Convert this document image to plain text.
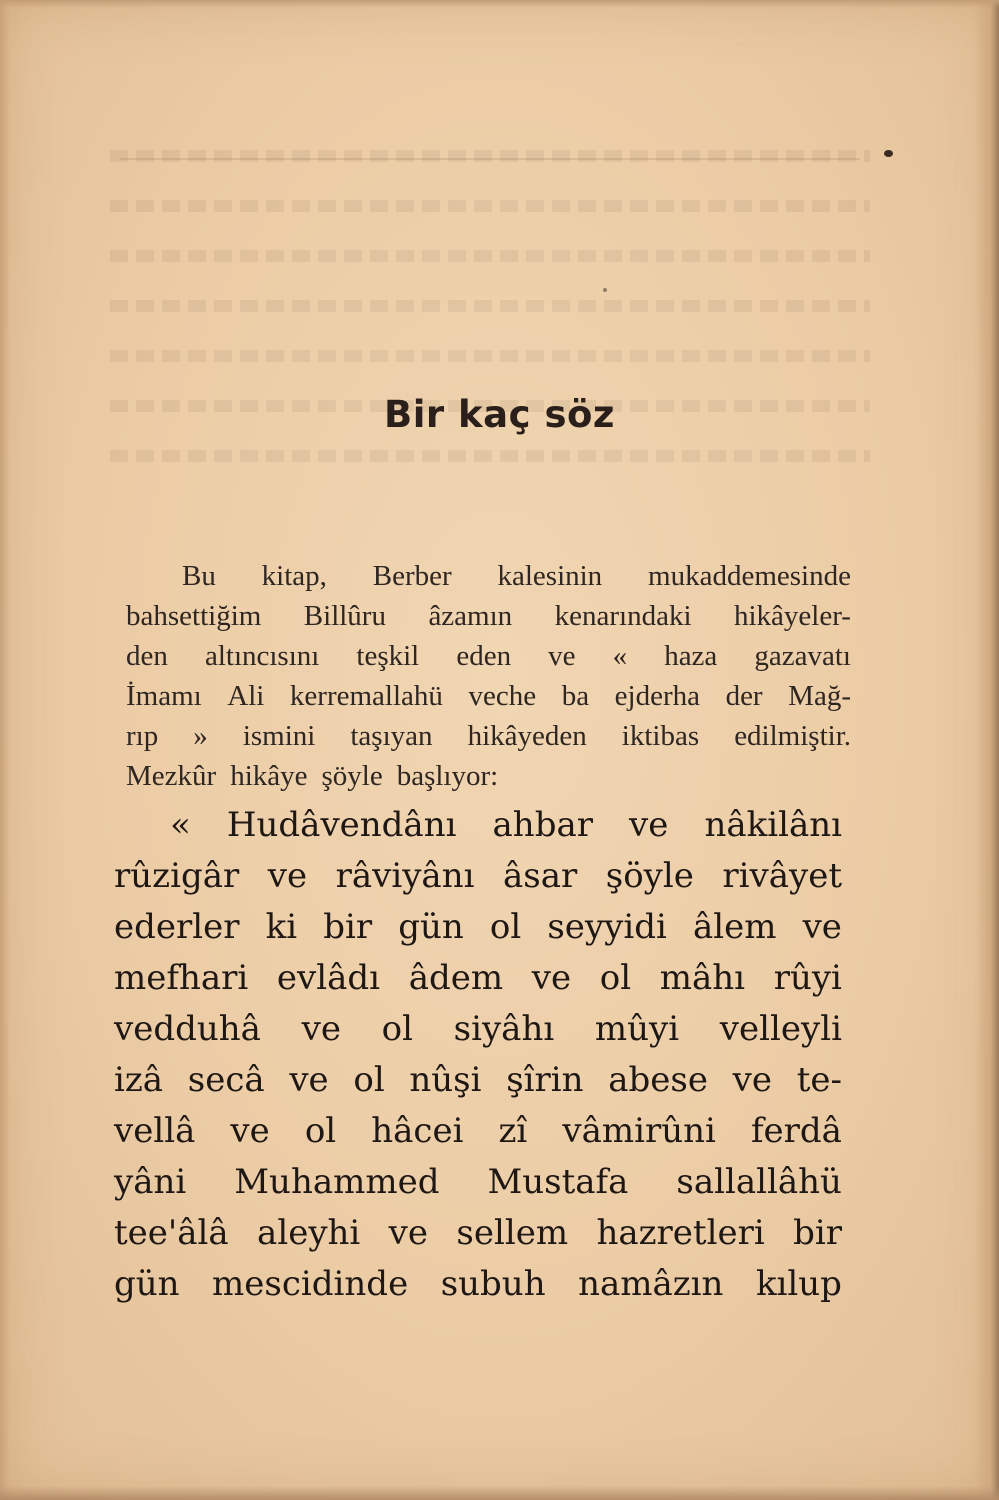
Bir kaç söz
Bu kitap, Berber kalesinin mukaddemesinde
bahsettiğim Billûru âzamın kenarındaki hikâyeler-
den altıncısını teşkil eden ve « haza gazavatı
İmamı Ali kerremallahü veche ba ejderha der Mağ-
rıp » ismini taşıyan hikâyeden iktibas edilmiştir.
Mezkûr hikâye şöyle başlıyor:
« Hudâvendânı ahbar ve nâkilânı
rûzigâr ve râviyânı âsar şöyle rivâyet
ederler ki bir gün ol seyyidi âlem ve
mefhari evlâdı âdem ve ol mâhı rûyi
vedduhâ ve ol siyâhı mûyi velleyli
izâ secâ ve ol nûşi şîrin abese ve te-
vellâ ve ol hâcei zî vâmirûni ferdâ
yâni Muhammed Mustafa sallallâhü
tee'âlâ aleyhi ve sellem hazretleri bir
gün mescidinde subuh namâzın kılup
